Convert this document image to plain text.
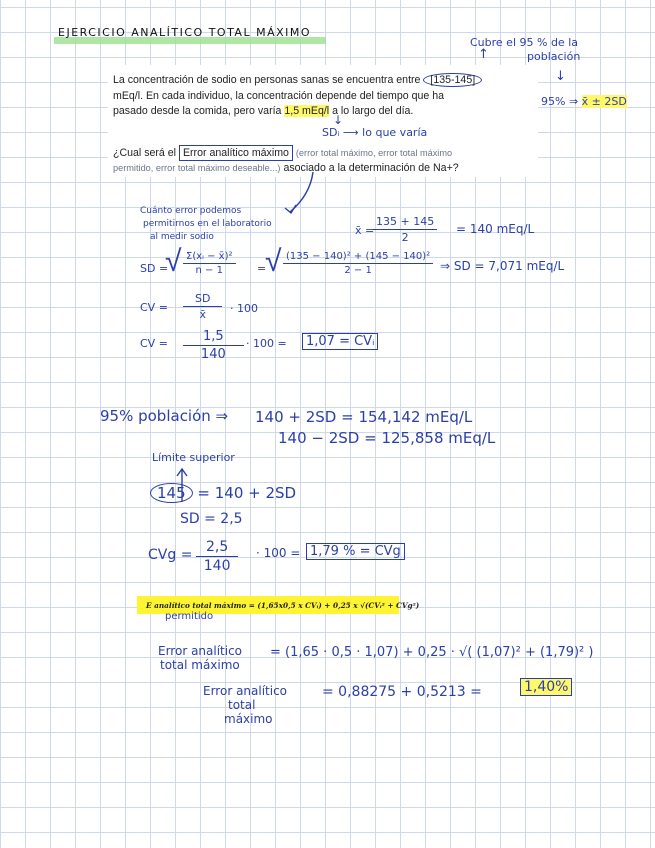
EJERCICIO ANALÍTICO TOTAL MÁXIMO
La concentración de sodio en personas sanas se encuentra entre [135-145]
mEq/l. En cada individuo, la concentración depende del tiempo que ha
pasado desde la comida, pero varía 1,5 mEq/l a lo largo del día.
¿Cual será el Error analítico máximo (error total máximo, error total máximo
permitido, error total máximo deseable...) asociado a la determinación de Na+?
Cubre el 95 % de la
población
↑
↓
95% ⇒ x̄ ± 2SD
↓
SDᵢ ⟶ lo que varía
Cuánto error podemos
permitirnos en el laboratorio
al medir sodio	x̄ =
$\frac{135 + 145}{2} = 140$ mEq/L
SD =
√ $\frac{\text{Σ(xᵢ − x̄)²}}{n - 1}$ =
√ $\frac{\text{(135 − 140)² + (145 − 140)²}}{2 - 1}$ ⇒ SD = 7,071 mEq/L
CV = $\frac{SD}{x̄} \cdot 100$
CV = $\frac{1,5}{140} \cdot 100$ =	1,07 = CVᵢ
95% población ⇒ 140 + 2SD = 154,142 mEq/L
140 − 2SD = 125,858 mEq/L
Límite superior
145 = 140 + 2SD
SD = 2,5
CVg = $\frac{2,5}{140} \cdot 100 = 1,79$ % = CVg
E analítico total máximo = (1,65x0,5 x CVᵢ) + 0,25 x √(CVᵢ² + CVg²)
permitido
Error analítico
total máximo
= (1,65 · 0,5 · 1,07) + 0,25 · √( (1,07)² + (1,79)² )
Error analítico
total
máximo
= 0,88275 + 0,5213 =	1,40%
